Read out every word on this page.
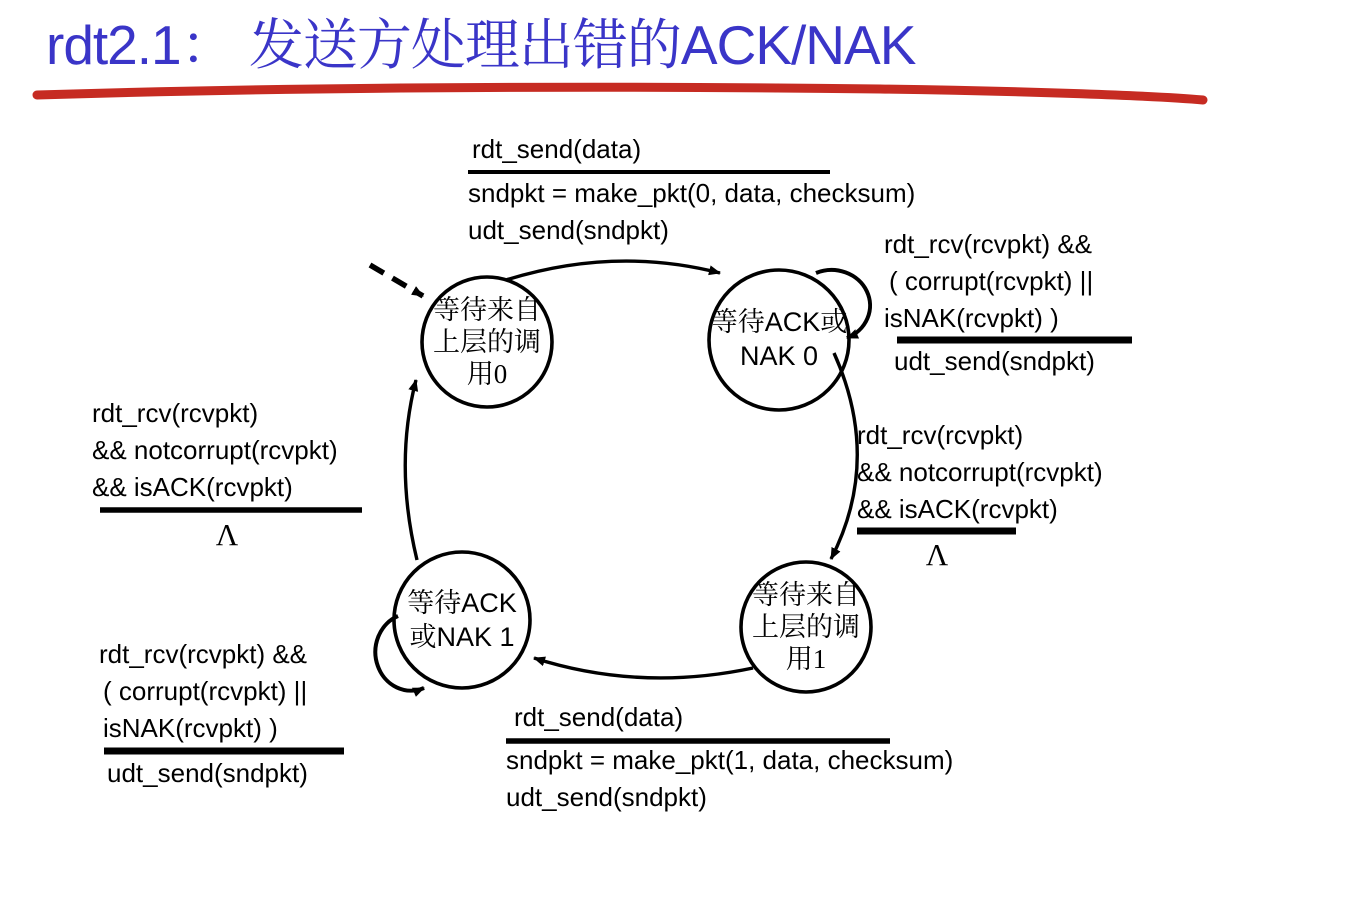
rdt2.1： 发送方处理出错的ACK/NAK
等待来自
上层的调
用0
等待ACK或
NAK 0
等待ACK
或NAK 1
等待来自
上层的调
用1
rdt_send(data)
sndpkt = make_pkt(0, data, checksum)
udt_send(sndpkt)	rdt_rcv(rcvpkt) &&
( corrupt(rcvpkt) ||
isNAK(rcvpkt) )
udt_send(sndpkt)
rdt_rcv(rcvpkt)
&& notcorrupt(rcvpkt)
&& isACK(rcvpkt)
Λ
rdt_rcv(rcvpkt)
&& notcorrupt(rcvpkt)
&& isACK(rcvpkt)
Λ
rdt_rcv(rcvpkt) &&
( corrupt(rcvpkt) ||
isNAK(rcvpkt) )
udt_send(sndpkt)
rdt_send(data)
sndpkt = make_pkt(1, data, checksum)
udt_send(sndpkt)
